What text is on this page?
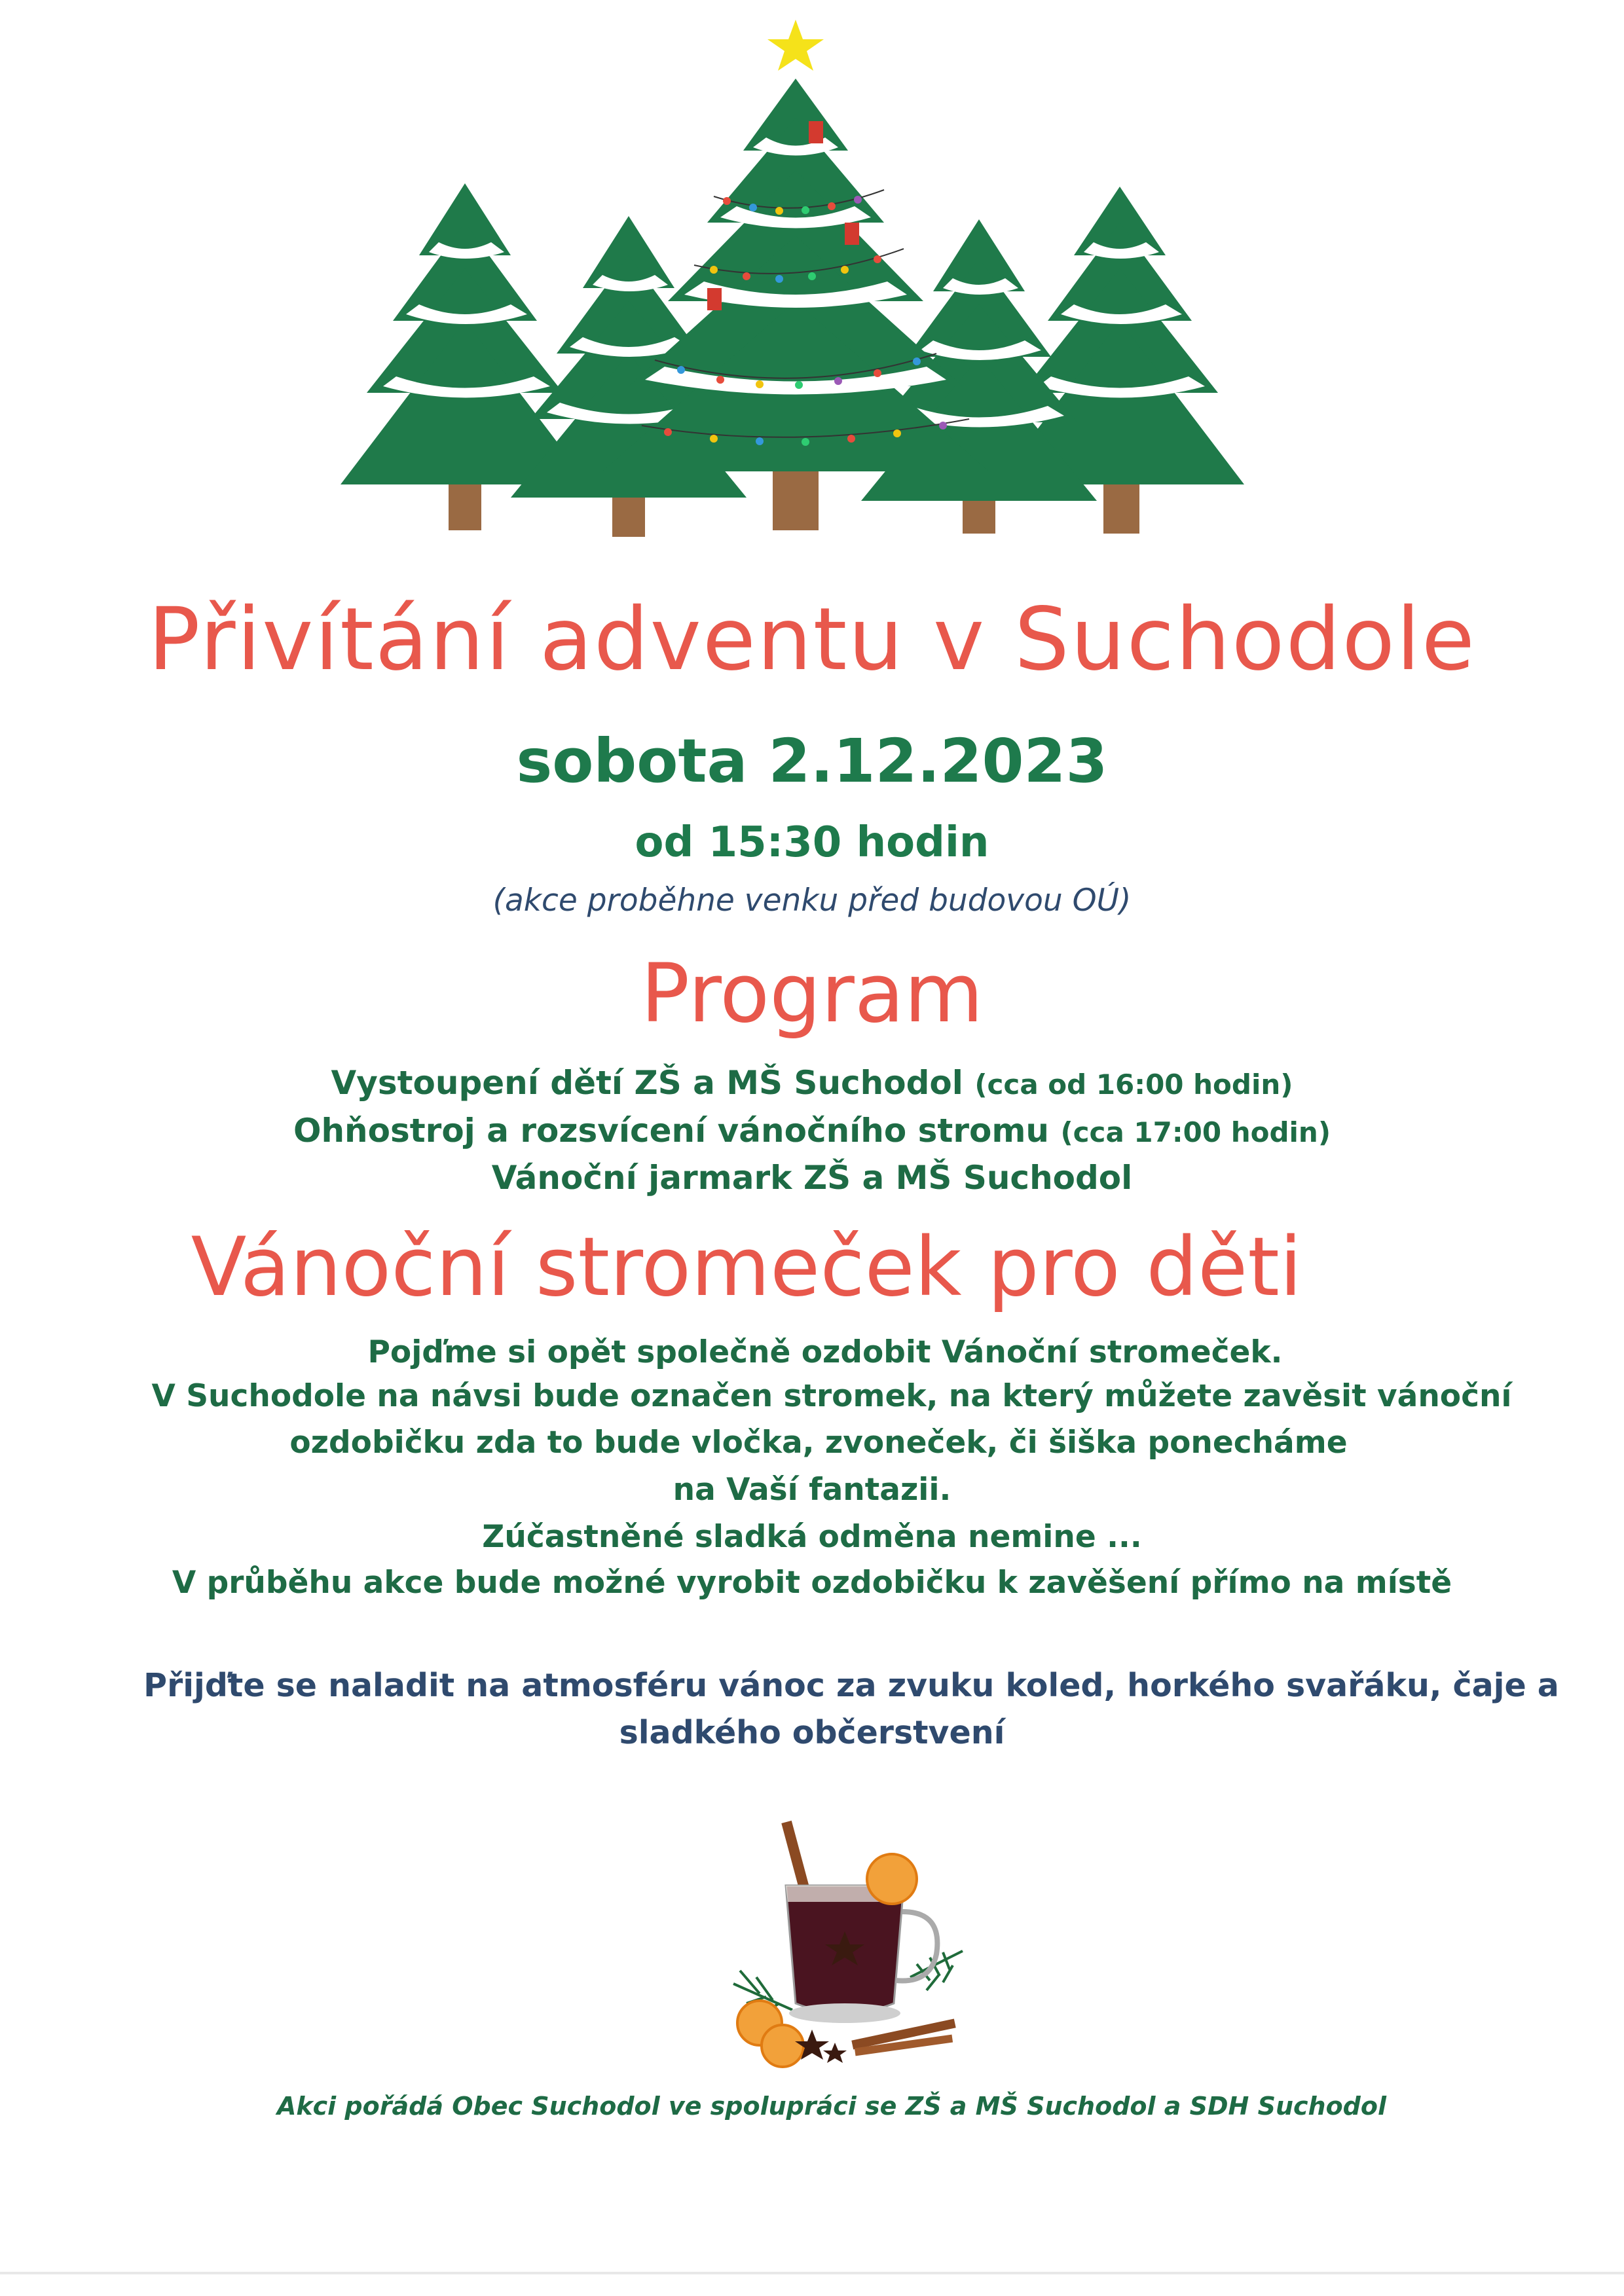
Přivítání adventu v Suchodole
sobota 2.12.2023
od 15:30 hodin
(akce proběhne venku před budovou OÚ)
Program
Vystoupení dětí ZŠ a MŠ Suchodol (cca od 16:00 hodin)
Ohňostroj a rozsvícení vánočního stromu (cca 17:00 hodin)
Vánoční jarmark ZŠ a MŠ Suchodol
Vánoční stromeček pro děti
Pojďme si opět společně ozdobit Vánoční stromeček.
V Suchodole na návsi bude označen stromek, na který můžete zavěsit vánoční
ozdobičku zda to bude vločka, zvoneček, či šiška ponecháme
na Vaší fantazii.
Zúčastněné sladká odměna nemine ...
V průběhu akce bude možné vyrobit ozdobičku k zavěšení přímo na místě
Přijďte se naladit na atmosféru vánoc za zvuku koled, horkého svařáku, čaje a
sladkého občerstvení
Akci pořádá Obec Suchodol ve spolupráci se ZŠ a MŠ Suchodol a SDH Suchodol
